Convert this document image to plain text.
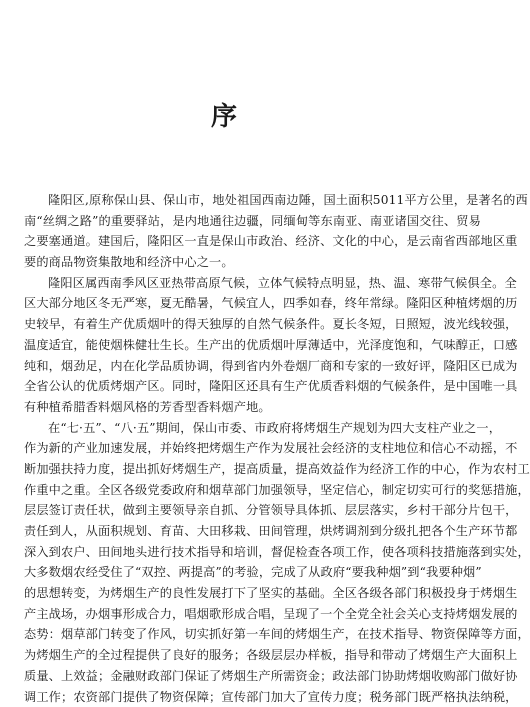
序
隆阳区,原称保山县、保山市，地处祖国西南边陲，国土面积5011平方公里，是著名的西
南“丝绸之路”的重要驿站，是内地通往边疆，同缅甸等东南亚、南亚诸国交往、贸易
之要塞通道。建国后，隆阳区一直是保山市政治、经济、文化的中心，是云南省西部地区重
要的商品物资集散地和经济中心之一。
隆阳区属西南季风区亚热带高原气候，立体气候特点明显，热、温、寒带气候俱全。全
区大部分地区冬无严寒，夏无酷暑，气候宜人，四季如春，终年常绿。隆阳区种植烤烟的历
史较早，有着生产优质烟叶的得天独厚的自然气候条件。夏长冬短，日照短，波光线较强，
温度适宜，能使烟株健壮生长。生产出的优质烟叶厚薄适中，光泽度饱和，气味醇正，口感
纯和，烟劲足，内在化学品质协调，得到省内外卷烟厂商和专家的一致好评，隆阳区已成为
全省公认的优质烤烟产区。同时，隆阳区还具有生产优质香料烟的气候条件，是中国唯一具
有种植希腊香料烟风格的芳香型香料烟产地。
在“七·五”、“八·五”期间，保山市委、市政府将烤烟生产规划为四大支柱产业之一，
作为新的产业加速发展，并始终把烤烟生产作为发展社会经济的支柱地位和信心不动摇，不
断加强扶持力度，提出抓好烤烟生产，提高质量，提高效益作为经济工作的中心，作为农村工
作重中之重。全区各级党委政府和烟草部门加强领导，坚定信心，制定切实可行的奖惩措施，
层层签订责任状，做到主要领导亲自抓、分管领导具体抓、层层落实，乡村干部分片包干，
责任到人，从面积规划、育苗、大田移栽、田间管理，烘烤调剂到分级扎把各个生产环节都
深入到农户、田间地头进行技术指导和培训，督促检查各项工作，使各项科技措施落到实处，
大多数烟农经受住了“双控、两提高”的考验，完成了从政府“要我种烟”到“我要种烟”
的思想转变，为烤烟生产的良性发展打下了坚实的基础。全区各级各部门积极投身于烤烟生
产主战场，办烟事形成合力，唱烟歌形成合唱，呈现了一个全党全社会关心支持烤烟发展的
态势：烟草部门转变了作风，切实抓好第一车间的烤烟生产，在技术指导、物资保障等方面，
为烤烟生产的全过程提供了良好的服务；各级层层办样板，指导和带动了烤烟生产大面积上
质量、上效益；金融财政部门保证了烤烟生产所需资金；政法部门协助烤烟收购部门做好协
调工作；农资部门提供了物资保障；宣传部门加大了宣传力度；税务部门既严格执法纳税，
